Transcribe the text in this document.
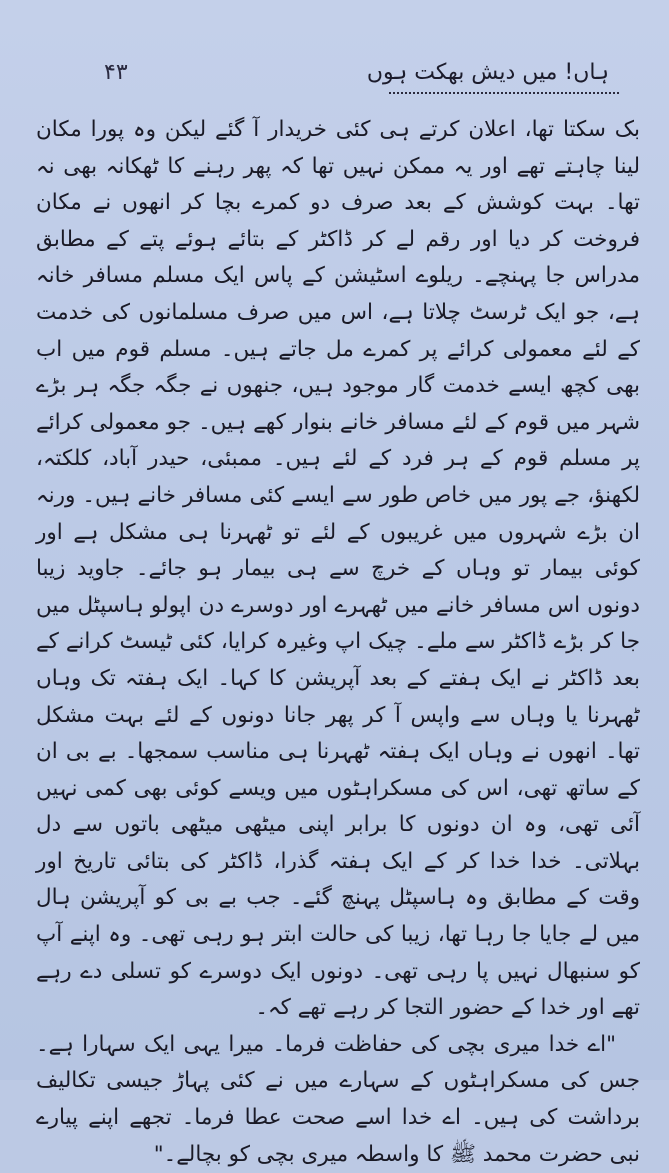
۴۳	ہاں! میں دیش بھکت ہوں

بک سکتا تھا، اعلان کرتے ہی کئی خریدار آ گئے لیکن وہ پورا مکان لینا چاہتے تھے اور یہ ممکن نہیں تھا کہ پھر رہنے کا ٹھکانہ بھی نہ تھا۔ بہت کوشش کے بعد صرف دو کمرے بچا کر انھوں نے مکان فروخت کر دیا اور رقم لے کر ڈاکٹر کے بتائے ہوئے پتے کے مطابق مدراس جا پہنچے۔ ریلوے اسٹیشن کے پاس ایک مسلم مسافر خانہ ہے، جو ایک ٹرسٹ چلاتا ہے، اس میں صرف مسلمانوں کی خدمت کے لئے معمولی کرائے پر کمرے مل جاتے ہیں۔ مسلم قوم میں اب بھی کچھ ایسے خدمت گار موجود ہیں، جنھوں نے جگہ جگہ ہر بڑے شہر میں قوم کے لئے مسافر خانے بنوار کھے ہیں۔ جو معمولی کرائے پر مسلم قوم کے ہر فرد کے لئے ہیں۔ ممبئی، حیدر آباد، کلکتہ، لکھنؤ، جے پور میں خاص طور سے ایسے کئی مسافر خانے ہیں۔ ورنہ ان بڑے شہروں میں غریبوں کے لئے تو ٹھہرنا ہی مشکل ہے اور کوئی بیمار تو وہاں کے خرچ سے ہی بیمار ہو جائے۔ جاوید زیبا دونوں اس مسافر خانے میں ٹھہرے اور دوسرے دن اپولو ہاسپٹل میں جا کر بڑے ڈاکٹر سے ملے۔ چیک اپ وغیرہ کرایا، کئی ٹیسٹ کرانے کے بعد ڈاکٹر نے ایک ہفتے کے بعد آپریشن کا کہا۔ ایک ہفتہ تک وہاں ٹھہرنا یا وہاں سے واپس آ کر پھر جانا دونوں کے لئے بہت مشکل تھا۔ انھوں نے وہاں ایک ہفتہ ٹھہرنا ہی مناسب سمجھا۔ بے بی ان کے ساتھ تھی، اس کی مسکراہٹوں میں ویسے کوئی بھی کمی نہیں آئی تھی، وہ ان دونوں کا برابر اپنی میٹھی میٹھی باتوں سے دل بہلاتی۔ خدا خدا کر کے ایک ہفتہ گذرا، ڈاکٹر کی بتائی تاریخ اور وقت کے مطابق وہ ہاسپٹل پہنچ گئے۔ جب بے بی کو آپریشن ہال میں لے جایا جا رہا تھا، زیبا کی حالت ابتر ہو رہی تھی۔ وہ اپنے آپ کو سنبھال نہیں پا رہی تھی۔ دونوں ایک دوسرے کو تسلی دے رہے تھے اور خدا کے حضور التجا کر رہے تھے کہ۔

"اے خدا میری بچی کی حفاظت فرما۔ میرا یہی ایک سہارا ہے۔ جس کی مسکراہٹوں کے سہارے میں نے کئی پہاڑ جیسی تکالیف برداشت کی ہیں۔ اے خدا اسے صحت عطا فرما۔ تجھے اپنے پیارے نبی حضرت محمد ﷺ کا واسطہ میری بچی کو بچالے۔"
